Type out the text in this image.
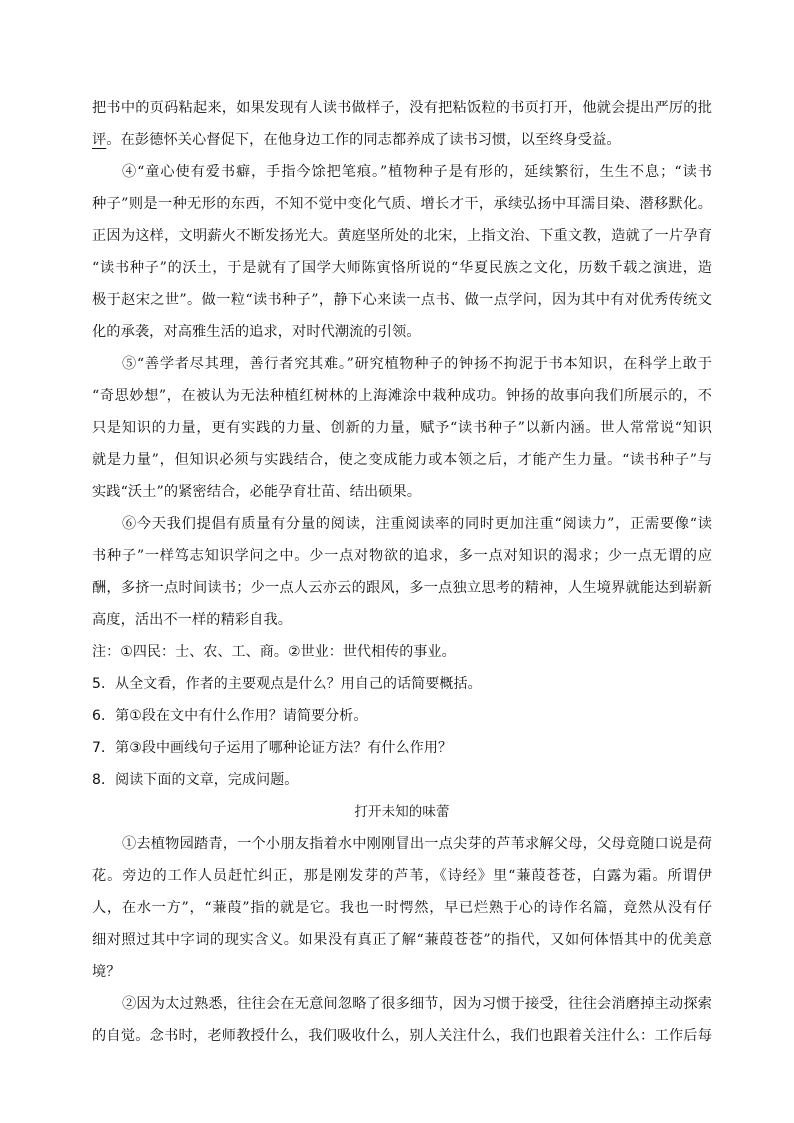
把书中的页码粘起来，如果发现有人读书做样子，没有把粘饭粒的书页打开，他就会提出严厉的批
评。在彭德怀关心督促下，在他身边工作的同志都养成了读书习惯，以至终身受益。
④“童心使有爱书癖，手指今馀把笔痕。”植物种子是有形的，延续繁衍，生生不息；“读书
种子”则是一种无形的东西，不知不觉中变化气质、增长才干，承续弘扬中耳濡目染、潜移默化。
正因为这样，文明薪火不断发扬光大。黄庭坚所处的北宋，上指文治、下重文教，造就了一片孕育
“读书种子”的沃土，于是就有了国学大师陈寅恪所说的“华夏民族之文化，历数千载之演进，造
极于赵宋之世”。做一粒“读书种子”，静下心来读一点书、做一点学问，因为其中有对优秀传统文
化的承袭，对高雅生活的追求，对时代潮流的引领。
⑤“善学者尽其理，善行者究其难。”研究植物种子的钟扬不拘泥于书本知识，在科学上敢于
“奇思妙想”，在被认为无法种植红树林的上海滩涂中栽种成功。钟扬的故事向我们所展示的，不
只是知识的力量，更有实践的力量、创新的力量，赋予“读书种子”以新内涵。世人常常说“知识
就是力量”，但知识必须与实践结合，使之变成能力或本领之后，才能产生力量。“读书种子”与
实践“沃土”的紧密结合，必能孕育壮苗、结出硕果。
⑥今天我们提倡有质量有分量的阅读，注重阅读率的同时更加注重“阅读力”，正需要像“读
书种子”一样笃志知识学问之中。少一点对物欲的追求，多一点对知识的渴求；少一点无谓的应
酬，多挤一点时间读书；少一点人云亦云的跟风，多一点独立思考的精神，人生境界就能达到崭新
高度，活出不一样的精彩自我。
注：①四民：士、农、工、商。②世业：世代相传的事业。
5．从全文看，作者的主要观点是什么？用自己的话简要概括。
6．第①段在文中有什么作用？请简要分析。
7．第③段中画线句子运用了哪种论证方法？有什么作用？
8．阅读下面的文章，完成问题。
打开未知的味蕾
①去植物园踏青，一个小朋友指着水中刚刚冒出一点尖芽的芦苇求解父母，父母竟随口说是荷
花。旁边的工作人员赶忙纠正，那是刚发芽的芦苇，《诗经》里“蒹葭苍苍，白露为霜。所谓伊
人，在水一方”，“蒹葭”指的就是它。我也一时愕然，早已烂熟于心的诗作名篇，竟然从没有仔
细对照过其中字词的现实含义。如果没有真正了解“蒹葭苍苍”的指代，又如何体悟其中的优美意
境？
②因为太过熟悉，往往会在无意间忽略了很多细节，因为习惯于接受，往往会消磨掉主动探索
的自觉。念书时，老师教授什么，我们吸收什么，别人关注什么，我们也跟着关注什么：工作后每
